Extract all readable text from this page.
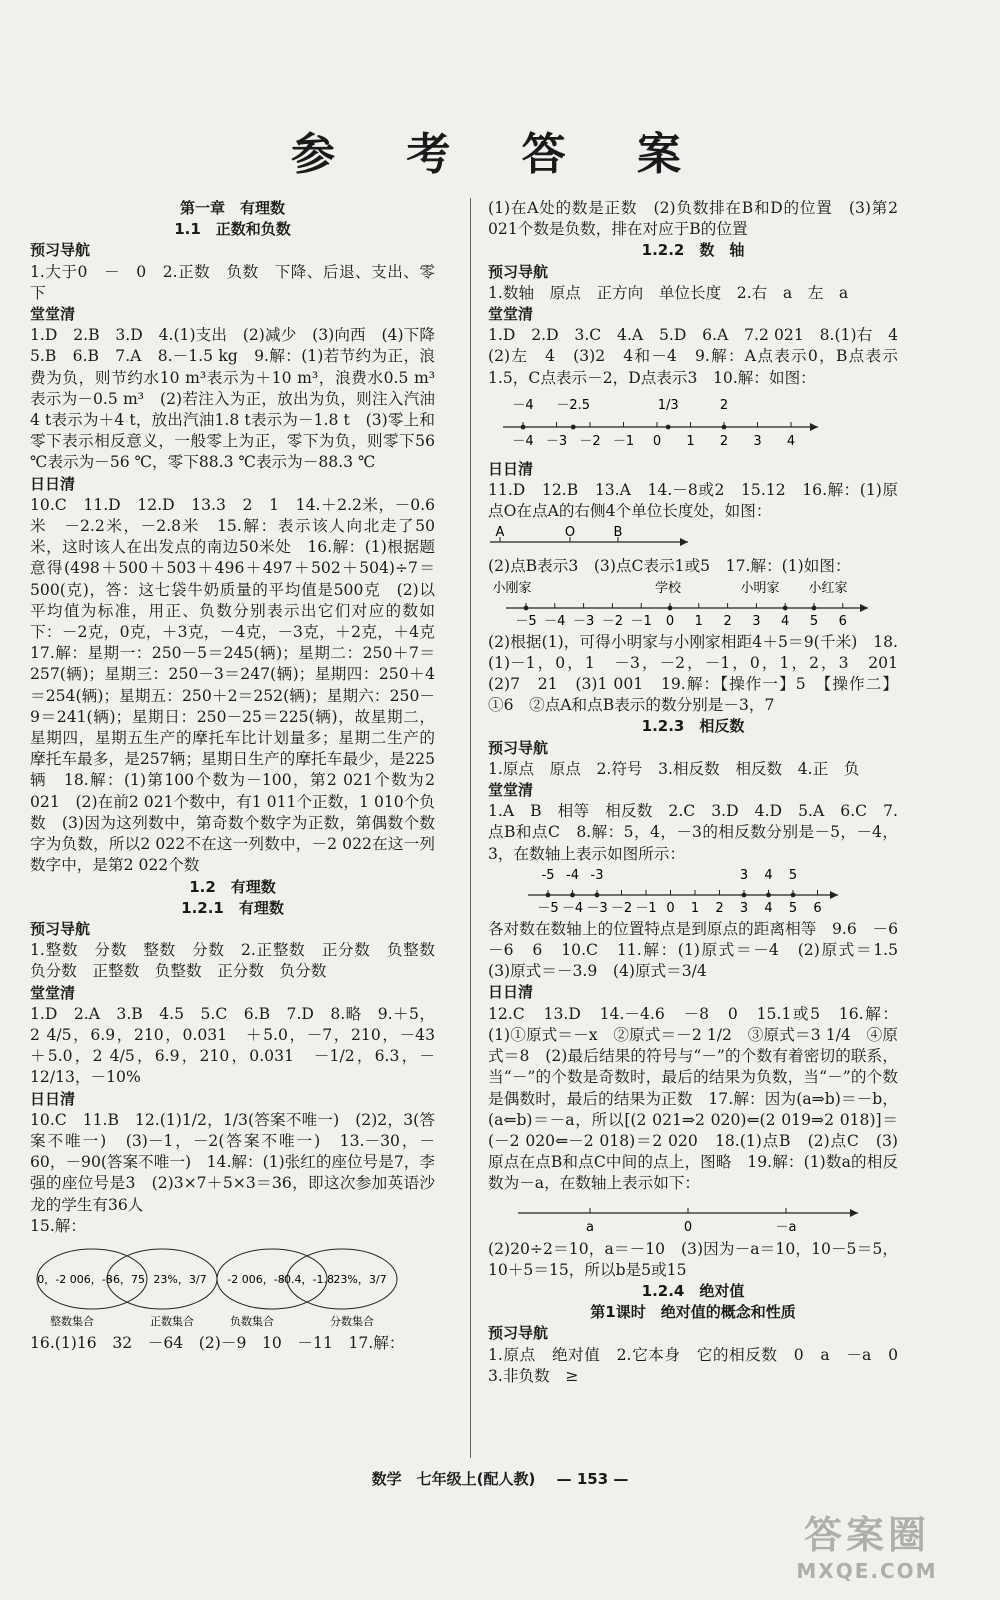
参 考 答 案
第一章　有理数
1.1　正数和负数
预习导航
1.大于0　－　0　2.正数　负数　下降、后退、支出、零下
堂堂清
1.D　2.B　3.D　4.(1)支出　(2)减少　(3)向西　(4)下降　5.B　6.B　7.A　8.－1.5 kg　9.解：(1)若节约为正，浪费为负，则节约水10 m³表示为＋10 m³，浪费水0.5 m³表示为－0.5 m³　(2)若注入为正，放出为负，则注入汽油4 t表示为＋4 t，放出汽油1.8 t表示为－1.8 t　(3)零上和零下表示相反意义，一般零上为正，零下为负，则零下56 ℃表示为－56 ℃，零下88.3 ℃表示为－88.3 ℃
日日清
10.C　11.D　12.D　13.3　2　1　14.＋2.2米，－0.6米　－2.2米，－2.8米　15.解：表示该人向北走了50米，这时该人在出发点的南边50米处　16.解：(1)根据题意得(498＋500＋503＋496＋497＋502＋504)÷7＝500(克)，答：这七袋牛奶质量的平均值是500克　(2)以平均值为标准，用正、负数分别表示出它们对应的数如下：－2克，0克，＋3克，－4克，－3克，＋2克，＋4克　17.解：星期一：250－5＝245(辆)；星期二：250＋7＝257(辆)；星期三：250－3＝247(辆)；星期四：250＋4＝254(辆)；星期五：250＋2＝252(辆)；星期六：250－9＝241(辆)；星期日：250－25＝225(辆)，故星期二，星期四，星期五生产的摩托车比计划量多；星期二生产的摩托车最多，是257辆；星期日生产的摩托车最少，是225辆　18.解：(1)第100个数为－100，第2 021个数为2 021　(2)在前2 021个数中，有1 011个正数，1 010个负数　(3)因为这列数中，第奇数个数字为正数，第偶数个数字为负数，所以2 022不在这一列数中，－2 022在这一列数字中，是第2 022个数
1.2　有理数
1.2.1　有理数
预习导航
1.整数　分数　整数　分数　2.正整数　正分数　负整数　负分数　正整数　负整数　正分数　负分数
堂堂清
1.D　2.A　3.B　4.5　5.C　6.B　7.D　8.略　9.＋5，2 4/5，6.9，210，0.031　＋5.0，－7，210，－43　＋5.0，2 4/5，6.9，210，0.031　－1/2，6.3，－12/13，－10%
日日清
10.C　11.B　12.(1)1/2，1/3(答案不唯一)　(2)2，3(答案不唯一)　(3)－1，－2(答案不唯一)　13.－30，－60，－90(答案不唯一)　14.解：(1)张红的座位号是7，李强的座位号是3　(2)3×7＋5×3＝36，即这次参加英语沙龙的学生有36人
15.解：
0，-2 006，-8
-6，75 23%，3/7 -2 006，-8
-0.4，-1.8 23%，3/7
整数集合	正数集合	负数集合	分数集合
16.(1)16　32　－64　(2)－9　10　－11　17.解：
(1)在A处的数是正数　(2)负数排在B和D的位置　(3)第2 021个数是负数，排在对应于B的位置
1.2.2　数　轴
预习导航
1.数轴　原点　正方向　单位长度　2.右　a　左　a
堂堂清
1.D　2.D　3.C　4.A　5.D　6.A　7.2 021　8.(1)右　4　(2)左　4　(3)2　4和－4　9.解：A点表示0，B点表示1.5，C点表示－2，D点表示3　10.解：如图：
－4 －3 －2 －1 0 1 2 3 4
－4 －2.5	1/3	2
日日清
11.D　12.B　13.A　14.－8或2　15.12　16.解：(1)原点O在点A的右侧4个单位长度处，如图：
A	O	B
(2)点B表示3　(3)点C表示1或5　17.解：(1)如图：
－5 －4 －3 －2 －1 0 1 2 3 4 5 6
小刚家	学校	小明家 小红家
(2)根据(1)，可得小明家与小刚家相距4＋5＝9(千米)　18.(1)－1，0，1　－3，－2，－1，0，1，2，3　201　(2)7　21　(3)1 001　19.解：【操作一】5　【操作二】①6　②点A和点B表示的数分别是－3，7
1.2.3　相反数
预习导航
1.原点　原点　2.符号　3.相反数　相反数　4.正　负
堂堂清
1.A　B　相等　相反数　2.C　3.D　4.D　5.A　6.C　7.点B和点C　8.解：5，4，－3的相反数分别是－5，－4，3，在数轴上表示如图所示：
－5 －4 －3 －2 －1 0 1 2 3 4 5 6
-5 -4 -3	3 4 5
各对数在数轴上的位置特点是到原点的距离相等　9.6　－6　－6　6　10.C　11.解：(1)原式＝－4　(2)原式＝1.5　(3)原式＝－3.9　(4)原式＝3/4
日日清
12.C　13.D　14.－4.6　－8　0　15.1或5　16.解：(1)①原式＝－x　②原式＝－2 1/2　③原式＝3 1/4　④原式＝8　(2)最后结果的符号与“－”的个数有着密切的联系，当“－”的个数是奇数时，最后的结果为负数，当“－”的个数是偶数时，最后的结果为正数　17.解：因为(a⇒b)＝－b，(a⇐b)＝－a，所以[(2 021⇒2 020)⇐(2 019⇒2 018)]＝(－2 020⇐－2 018)＝2 020　18.(1)点B　(2)点C　(3)原点在点B和点C中间的点上，图略　19.解：(1)数a的相反数为－a，在数轴上表示如下：
a	0	－a
(2)20÷2＝10，a＝－10　(3)因为－a＝10，10－5＝5，10＋5＝15，所以b是5或15
1.2.4　绝对值
第1课时　绝对值的概念和性质
预习导航
1.原点　绝对值　2.它本身　它的相反数　0　a　－a　0　3.非负数　≥
数学　七年级上(配人教) — 153 —
答案圈
MXQE.COM
